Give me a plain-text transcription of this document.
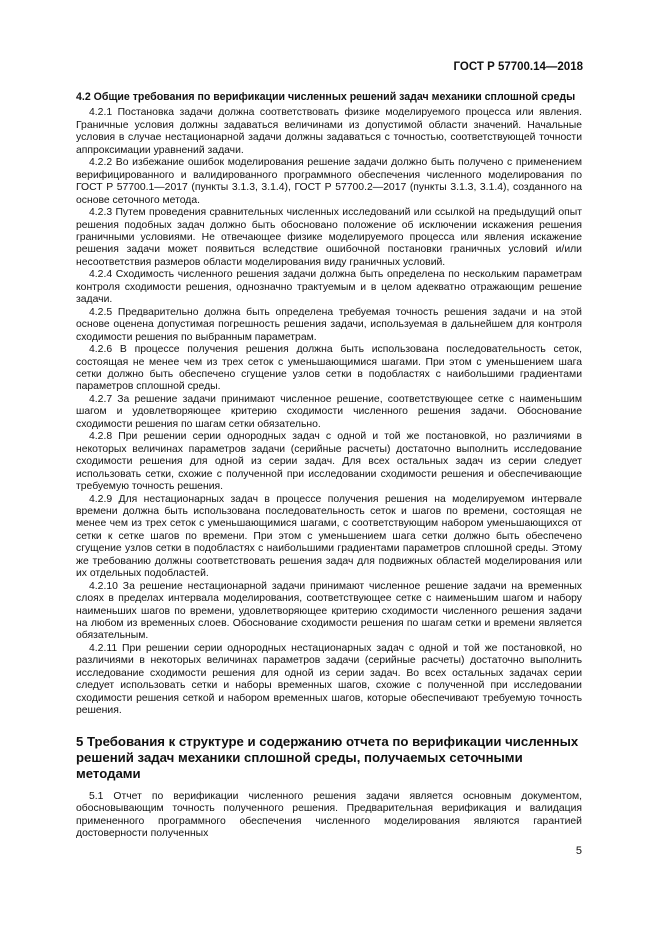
ГОСТ Р 57700.14—2018
4.2 Общие требования по верификации численных решений задач механики сплошной среды

4.2.1 Постановка задачи должна соответствовать физике моделируемого процесса или явления. Граничные условия должны задаваться величинами из допустимой области значений. Начальные условия в случае нестационарной задачи должны задаваться с точностью, соответствующей точности аппроксимации уравнений задачи.

4.2.2 Во избежание ошибок моделирования решение задачи должно быть получено с применением верифицированного и валидированного программного обеспечения численного моделирования по ГОСТ Р 57700.1—2017 (пункты 3.1.3, 3.1.4), ГОСТ Р 57700.2—2017 (пункты 3.1.3, 3.1.4), созданного на основе сеточного метода.

4.2.3 Путем проведения сравнительных численных исследований или ссылкой на предыдущий опыт решения подобных задач должно быть обосновано положение об исключении искажения решения граничными условиями. Не отвечающее физике моделируемого процесса или явления искажение решения задачи может появиться вследствие ошибочной постановки граничных условий и/или несоответствия размеров области моделирования виду граничных условий.

4.2.4 Сходимость численного решения задачи должна быть определена по нескольким параметрам контроля сходимости решения, однозначно трактуемым и в целом адекватно отражающим решение задачи.

4.2.5 Предварительно должна быть определена требуемая точность решения задачи и на этой основе оценена допустимая погрешность решения задачи, используемая в дальнейшем для контроля сходимости решения по выбранным параметрам.

4.2.6 В процессе получения решения должна быть использована последовательность сеток, состоящая не менее чем из трех сеток с уменьшающимися шагами. При этом с уменьшением шага сетки должно быть обеспечено сгущение узлов сетки в подобластях с наибольшими градиентами параметров сплошной среды.

4.2.7 За решение задачи принимают численное решение, соответствующее сетке с наименьшим шагом и удовлетворяющее критерию сходимости численного решения задачи. Обоснование сходимости решения по шагам сетки обязательно.

4.2.8 При решении серии однородных задач с одной и той же постановкой, но различиями в некоторых величинах параметров задачи (серийные расчеты) достаточно выполнить исследование сходимости решения для одной из серии задач. Для всех остальных задач из серии следует использовать сетки, схожие с полученной при исследовании сходимости решения и обеспечивающие требуемую точность решения.

4.2.9 Для нестационарных задач в процессе получения решения на моделируемом интервале времени должна быть использована последовательность сеток и шагов по времени, состоящая не менее чем из трех сеток с уменьшающимися шагами, с соответствующим набором уменьшающихся от сетки к сетке шагов по времени. При этом с уменьшением шага сетки должно быть обеспечено сгущение узлов сетки в подобластях с наибольшими градиентами параметров сплошной среды. Этому же требованию должны соответствовать решения задач для подвижных областей моделирования или их отдельных подобластей.

4.2.10 За решение нестационарной задачи принимают численное решение задачи на временных слоях в пределах интервала моделирования, соответствующее сетке с наименьшим шагом и набору наименьших шагов по времени, удовлетворяющее критерию сходимости численного решения задачи на любом из временных слоев. Обоснование сходимости решения по шагам сетки и времени является обязательным.

4.2.11 При решении серии однородных нестационарных задач с одной и той же постановкой, но различиями в некоторых величинах параметров задачи (серийные расчеты) достаточно выполнить исследование сходимости решения для одной из серии задач. Во всех остальных задачах серии следует использовать сетки и наборы временных шагов, схожие с полученной при исследовании сходимости решения сеткой и набором временных шагов, которые обеспечивают требуемую точность решения.

5 Требования к структуре и содержанию отчета по верификации численных решений задач механики сплошной среды, получаемых сеточными методами

5.1 Отчет по верификации численного решения задачи является основным документом, обосновывающим точность полученного решения. Предварительная верификация и валидация примененного программного обеспечения численного моделирования являются гарантией достоверности полученных

5
